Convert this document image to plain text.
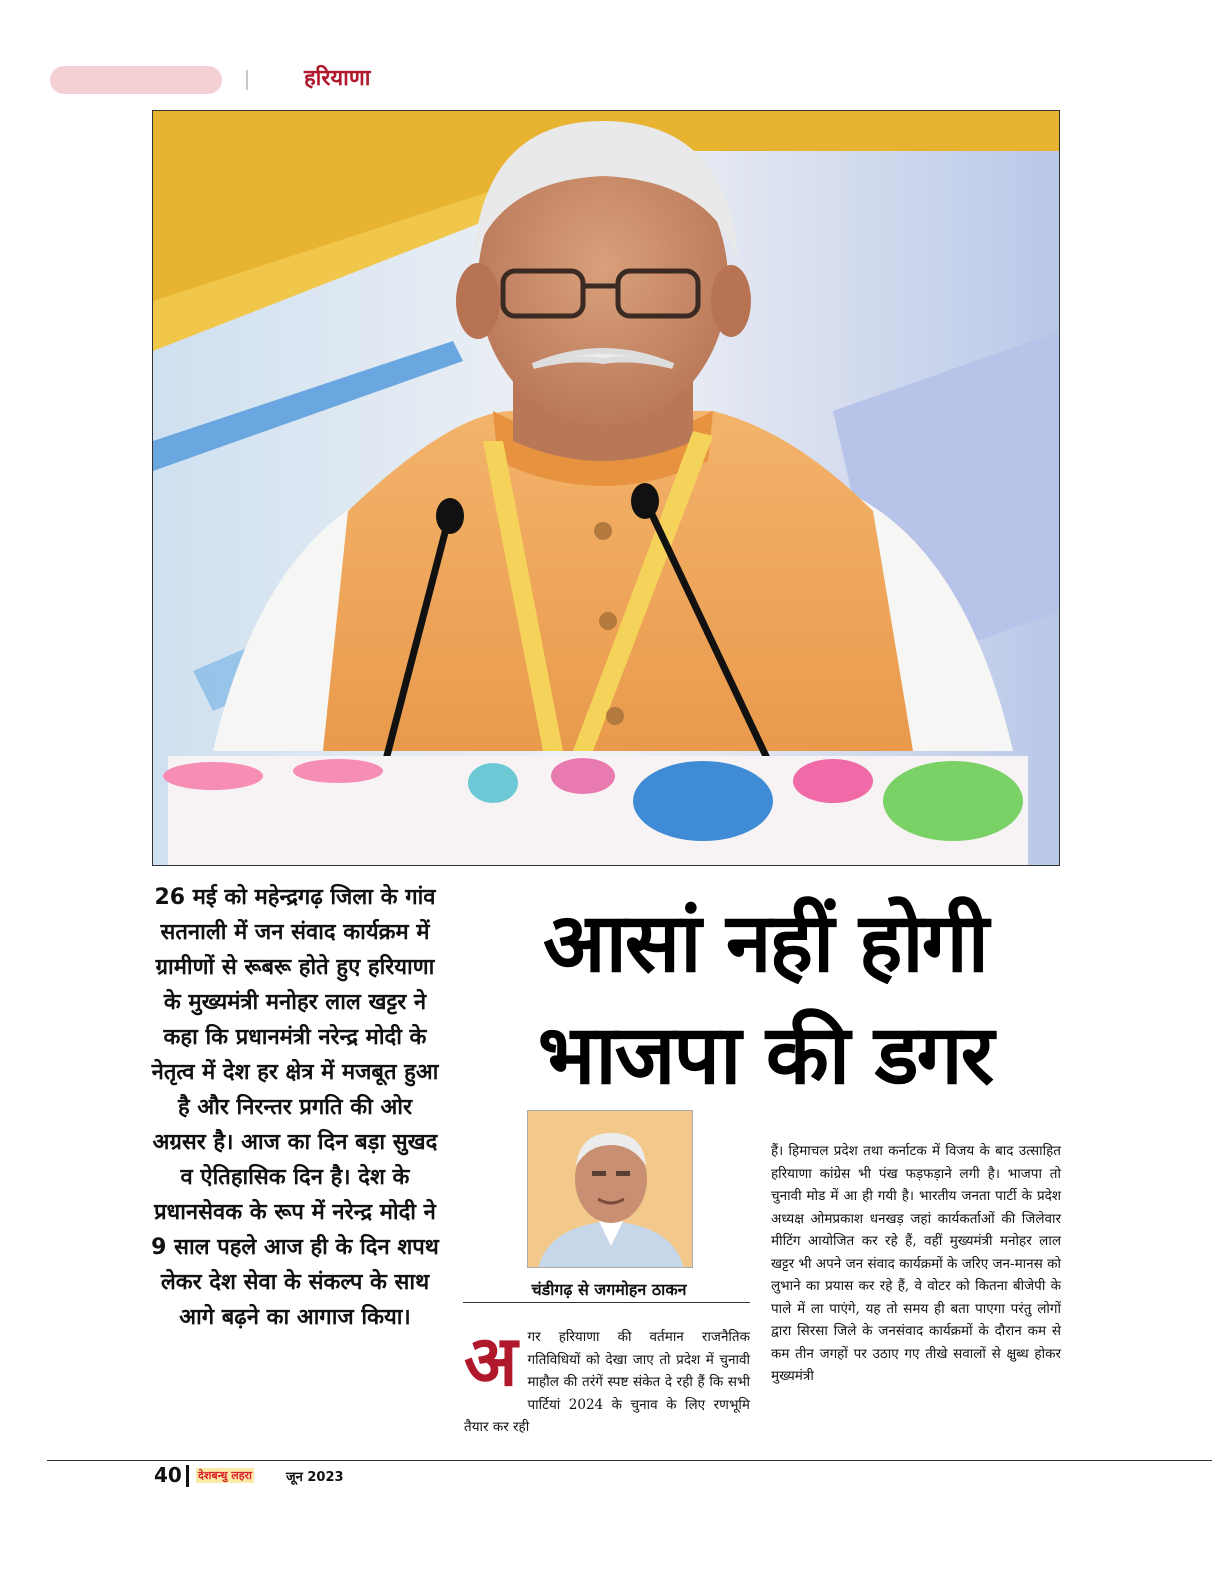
हरियाणा
26 मई को महेन्द्रगढ़ जिला के गांव सतनाली में जन संवाद कार्यक्रम में ग्रामीणों से रूबरू होते हुए हरियाणा के मुख्यमंत्री मनोहर लाल खट्टर ने कहा कि प्रधानमंत्री नरेन्द्र मोदी के नेतृत्व में देश हर क्षेत्र में मजबूत हुआ है और निरन्तर प्रगति की ओर अग्रसर है। आज का दिन बड़ा सुखद व ऐतिहासिक दिन है। देश के प्रधानसेवक के रूप में नरेन्द्र मोदी ने 9 साल पहले आज ही के दिन शपथ लेकर देश सेवा के संकल्प के साथ आगे बढ़ने का आगाज किया।
आसां नहीं होगी
भाजपा की डगर
चंडीगढ़ से जगमोहन ठाकन
अ गर हरियाणा की वर्तमान राजनैतिक गतिविधियों को देखा जाए तो प्रदेश में चुनावी माहौल की तरंगें स्पष्ट संकेत दे रही हैं कि सभी पार्टियां 2024 के चुनाव के लिए रणभूमि तैयार कर रही
हैं। हिमाचल प्रदेश तथा कर्नाटक में विजय के बाद उत्साहित हरियाणा कांग्रेस भी पंख फड़फड़ाने लगी है। भाजपा तो चुनावी मोड में आ ही गयी है। भारतीय जनता पार्टी के प्रदेश अध्यक्ष ओमप्रकाश धनखड़ जहां कार्यकर्ताओं की जिलेवार मीटिंग आयोजित कर रहे हैं, वहीं मुख्यमंत्री मनोहर लाल खट्टर भी अपने जन संवाद कार्यक्रमों के जरिए जन-मानस को लुभाने का प्रयास कर रहे हैं, वे वोटर को कितना बीजेपी के पाले में ला पाएंगे, यह तो समय ही बता पाएगा परंतु लोगों द्वारा सिरसा जिले के जनसंवाद कार्यक्रमों के दौरान कम से कम तीन जगहों पर उठाए गए तीखे सवालों से क्षुब्ध होकर मुख्यमंत्री
40 देशबन्धु लहरा	जून 2023
